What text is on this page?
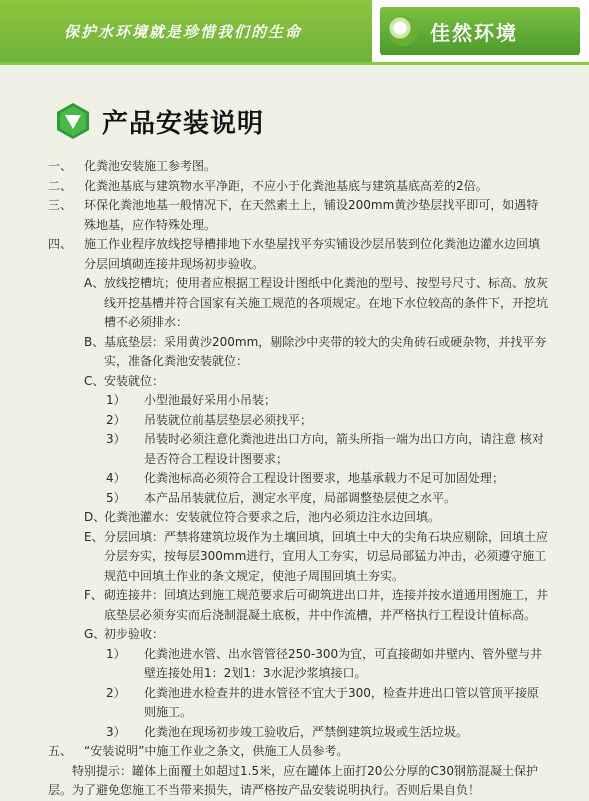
保护水环境就是珍惜我们的生命	佳然环境
产品安装说明
一、 化粪池安装施工参考图。
二、 化粪池基底与建筑物水平净距，不应小于化粪池基底与建筑基底高差的2倍。
三、 环保化粪池地基一般情况下，在天然素土上，铺设200mm黄沙垫层找平即可，如遇特殊地基，应作特殊处理。
四、 施工作业程序放线挖导槽排地下水垫屋找平夯实铺设沙层吊装到位化粪池边灌水边回填分层回填砌连接井现场初步验收。
A、 放线挖槽坑；使用者应根据工程设计图纸中化粪池的型号、按型号尺寸、标高、放灰线开挖基槽并符合国家有关施工规范的各项规定。在地下水位较高的条件下，开挖坑槽不必须排水：
B、 基底垫层：采用黄沙200mm，剔除沙中夹带的较大的尖角砖石或硬杂物，并找平夯实，准备化粪池安装就位：
C、 安装就位：
1）	小型池最好采用小吊装；
2）	吊装就位前基层垫层必须找平；
3）	吊装时必须注意化粪池进出口方向，箭头所指一端为出口方向，请注意 核对是否符合工程设计图要求；
4）	化粪池标高必须符合工程设计图要求，地基承载力不足可加固处理；
5）	本产品吊装就位后，测定水平度，局部调整垫层使之水平。
D、
化粪池灌水：安装就位符合要求之后，池内必须边注水边回填。
E、 分层回填：严禁将建筑垃圾作为土壤回填，回填土中大的尖角石块应剔除，回填土应分层夯实，按每层300mm进行，宜用人工夯实，切忌局部猛力冲击，必须遵守施工规范中回填土作业的条文规定，使池子周围回填土夯实。
F、 砌连接井：回填达到施工规范要求后可砌筑进出口井，连接并按水道通用图施工，井底垫层必须夯实而后浇制混凝土底板，井中作流槽，并严格执行工程设计值标高。
G、
初步验收：
1）	化粪池进水管、出水管管径250-300为宜，可直接砌如井壁内、管外壁与井壁连接处用1：2划1：3水泥沙浆填接口。
2）	化粪池进水检查井的进水管径不宜大于300，检查井进出口管以管顶平接原则施工。
3）	化粪池在现场初步竣工验收后，严禁倒建筑垃圾或生活垃圾。
五、 “安装说明”中施工作业之条文，供施工人员参考。
特别提示：罐体上面覆土如超过1.5米，应在罐体上面打20公分厚的C30钢筋混凝土保护层。为了避免您施工不当带来损失，请严格按产品安装说明执行。否则后果自负！
